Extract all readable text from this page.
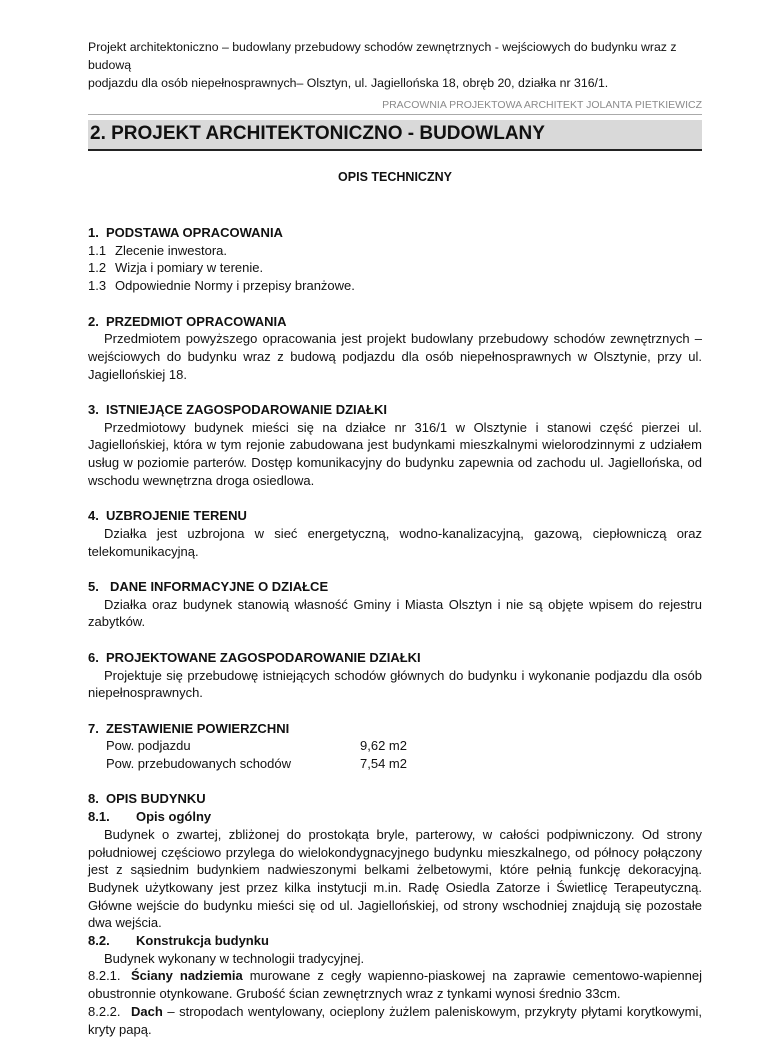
Projekt architektoniczno – budowlany przebudowy schodów zewnętrznych - wejściowych do budynku wraz z budową
podjazdu dla osób niepełnosprawnych– Olsztyn, ul. Jagiellońska 18, obręb 20, działka nr 316/1.
PRACOWNIA PROJEKTOWA ARCHITEKT JOLANTA PIETKIEWICZ
2. PROJEKT ARCHITEKTONICZNO - BUDOWLANY
OPIS TECHNICZNY
1. PODSTAWA OPRACOWANIA
1.1 Zlecenie inwestora.
1.2 Wizja i pomiary w terenie.
1.3 Odpowiednie Normy i przepisy branżowe.
2. PRZEDMIOT OPRACOWANIA

Przedmiotem powyższego opracowania jest projekt budowlany przebudowy schodów zewnętrznych – wejściowych do budynku wraz z budową podjazdu dla osób niepełnosprawnych w Olsztynie, przy ul. Jagiellońskiej 18.

3. ISTNIEJĄCE ZAGOSPODAROWANIE DZIAŁKI

Przedmiotowy budynek mieści się na działce nr 316/1 w Olsztynie i stanowi część pierzei ul. Jagiellońskiej, która w tym rejonie zabudowana jest budynkami mieszkalnymi wielorodzinnymi z udziałem usług w poziomie parterów. Dostęp komunikacyjny do budynku zapewnia od zachodu ul. Jagiellońska, od wschodu wewnętrzna droga osiedlowa.

4. UZBROJENIE TERENU

Działka jest uzbrojona w sieć energetyczną, wodno-kanalizacyjną, gazową, ciepłowniczą oraz telekomunikacyjną.

5. DANE INFORMACYJNE O DZIAŁCE

Działka oraz budynek stanowią własność Gminy i Miasta Olsztyn i nie są objęte wpisem do rejestru zabytków.

6. PROJEKTOWANE ZAGOSPODAROWANIE DZIAŁKI

Projektuje się przebudowę istniejących schodów głównych do budynku i wykonanie podjazdu dla osób niepełnosprawnych.

7. ZESTAWIENIE POWIERZCHNI
Pow. podjazdu	9,62 m2
Pow. przebudowanych schodów	7,54 m2
8. OPIS BUDYNKU
8.1. Opis ogólny

Budynek o zwartej, zbliżonej do prostokąta bryle, parterowy, w całości podpiwniczony. Od strony południowej częściowo przylega do wielokondygnacyjnego budynku mieszkalnego, od północy połączony jest z sąsiednim budynkiem nadwieszonymi belkami żelbetowymi, które pełnią funkcję dekoracyjną. Budynek użytkowany jest przez kilka instytucji m.in. Radę Osiedla Zatorze i Świetlicę Terapeutyczną. Główne wejście do budynku mieści się od ul. Jagiellońskiej, od strony wschodniej znajdują się pozostałe dwa wejścia.

8.2. Konstrukcja budynku

Budynek wykonany w technologii tradycyjnej.

8.2.1. Ściany nadziemia murowane z cegły wapienno-piaskowej na zaprawie cementowo-wapiennej obustronnie otynkowane. Grubość ścian zewnętrznych wraz z tynkami wynosi średnio 33cm.

8.2.2. Dach – stropodach wentylowany, ocieplony żużlem paleniskowym, przykryty płytami korytkowymi, kryty papą.
